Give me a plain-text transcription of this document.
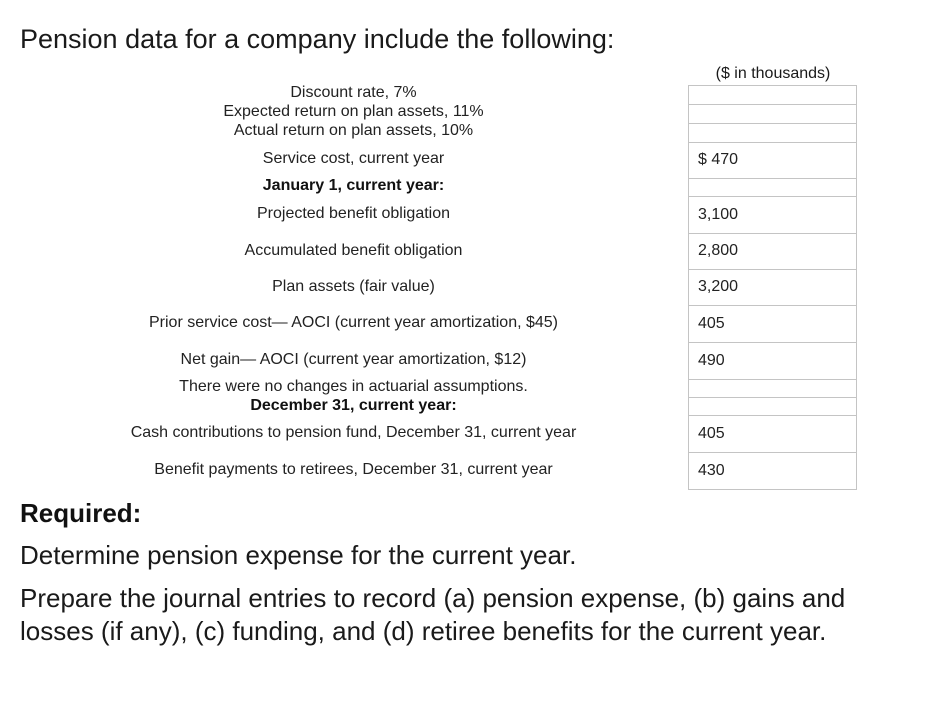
Pension data for a company include the following:
($ in thousands)
Discount rate, 7%
Expected return on plan assets, 11%
Actual return on plan assets, 10%
Service cost, current year
January 1, current year:
Projected benefit obligation
Accumulated benefit obligation
Plan assets (fair value)
Prior service cost— AOCI (current year amortization, $45)
Net gain— AOCI (current year amortization, $12)
There were no changes in actuarial assumptions.
December 31, current year:
Cash contributions to pension fund, December 31, current year
Benefit payments to retirees, December 31, current year
$ 470
3,100
2,800
3,200
405
490
405
430
Required:
Determine pension expense for the current year.
Prepare the journal entries to record (a) pension expense, (b) gains and losses (if any), (c) funding, and (d) retiree benefits for the current year.
